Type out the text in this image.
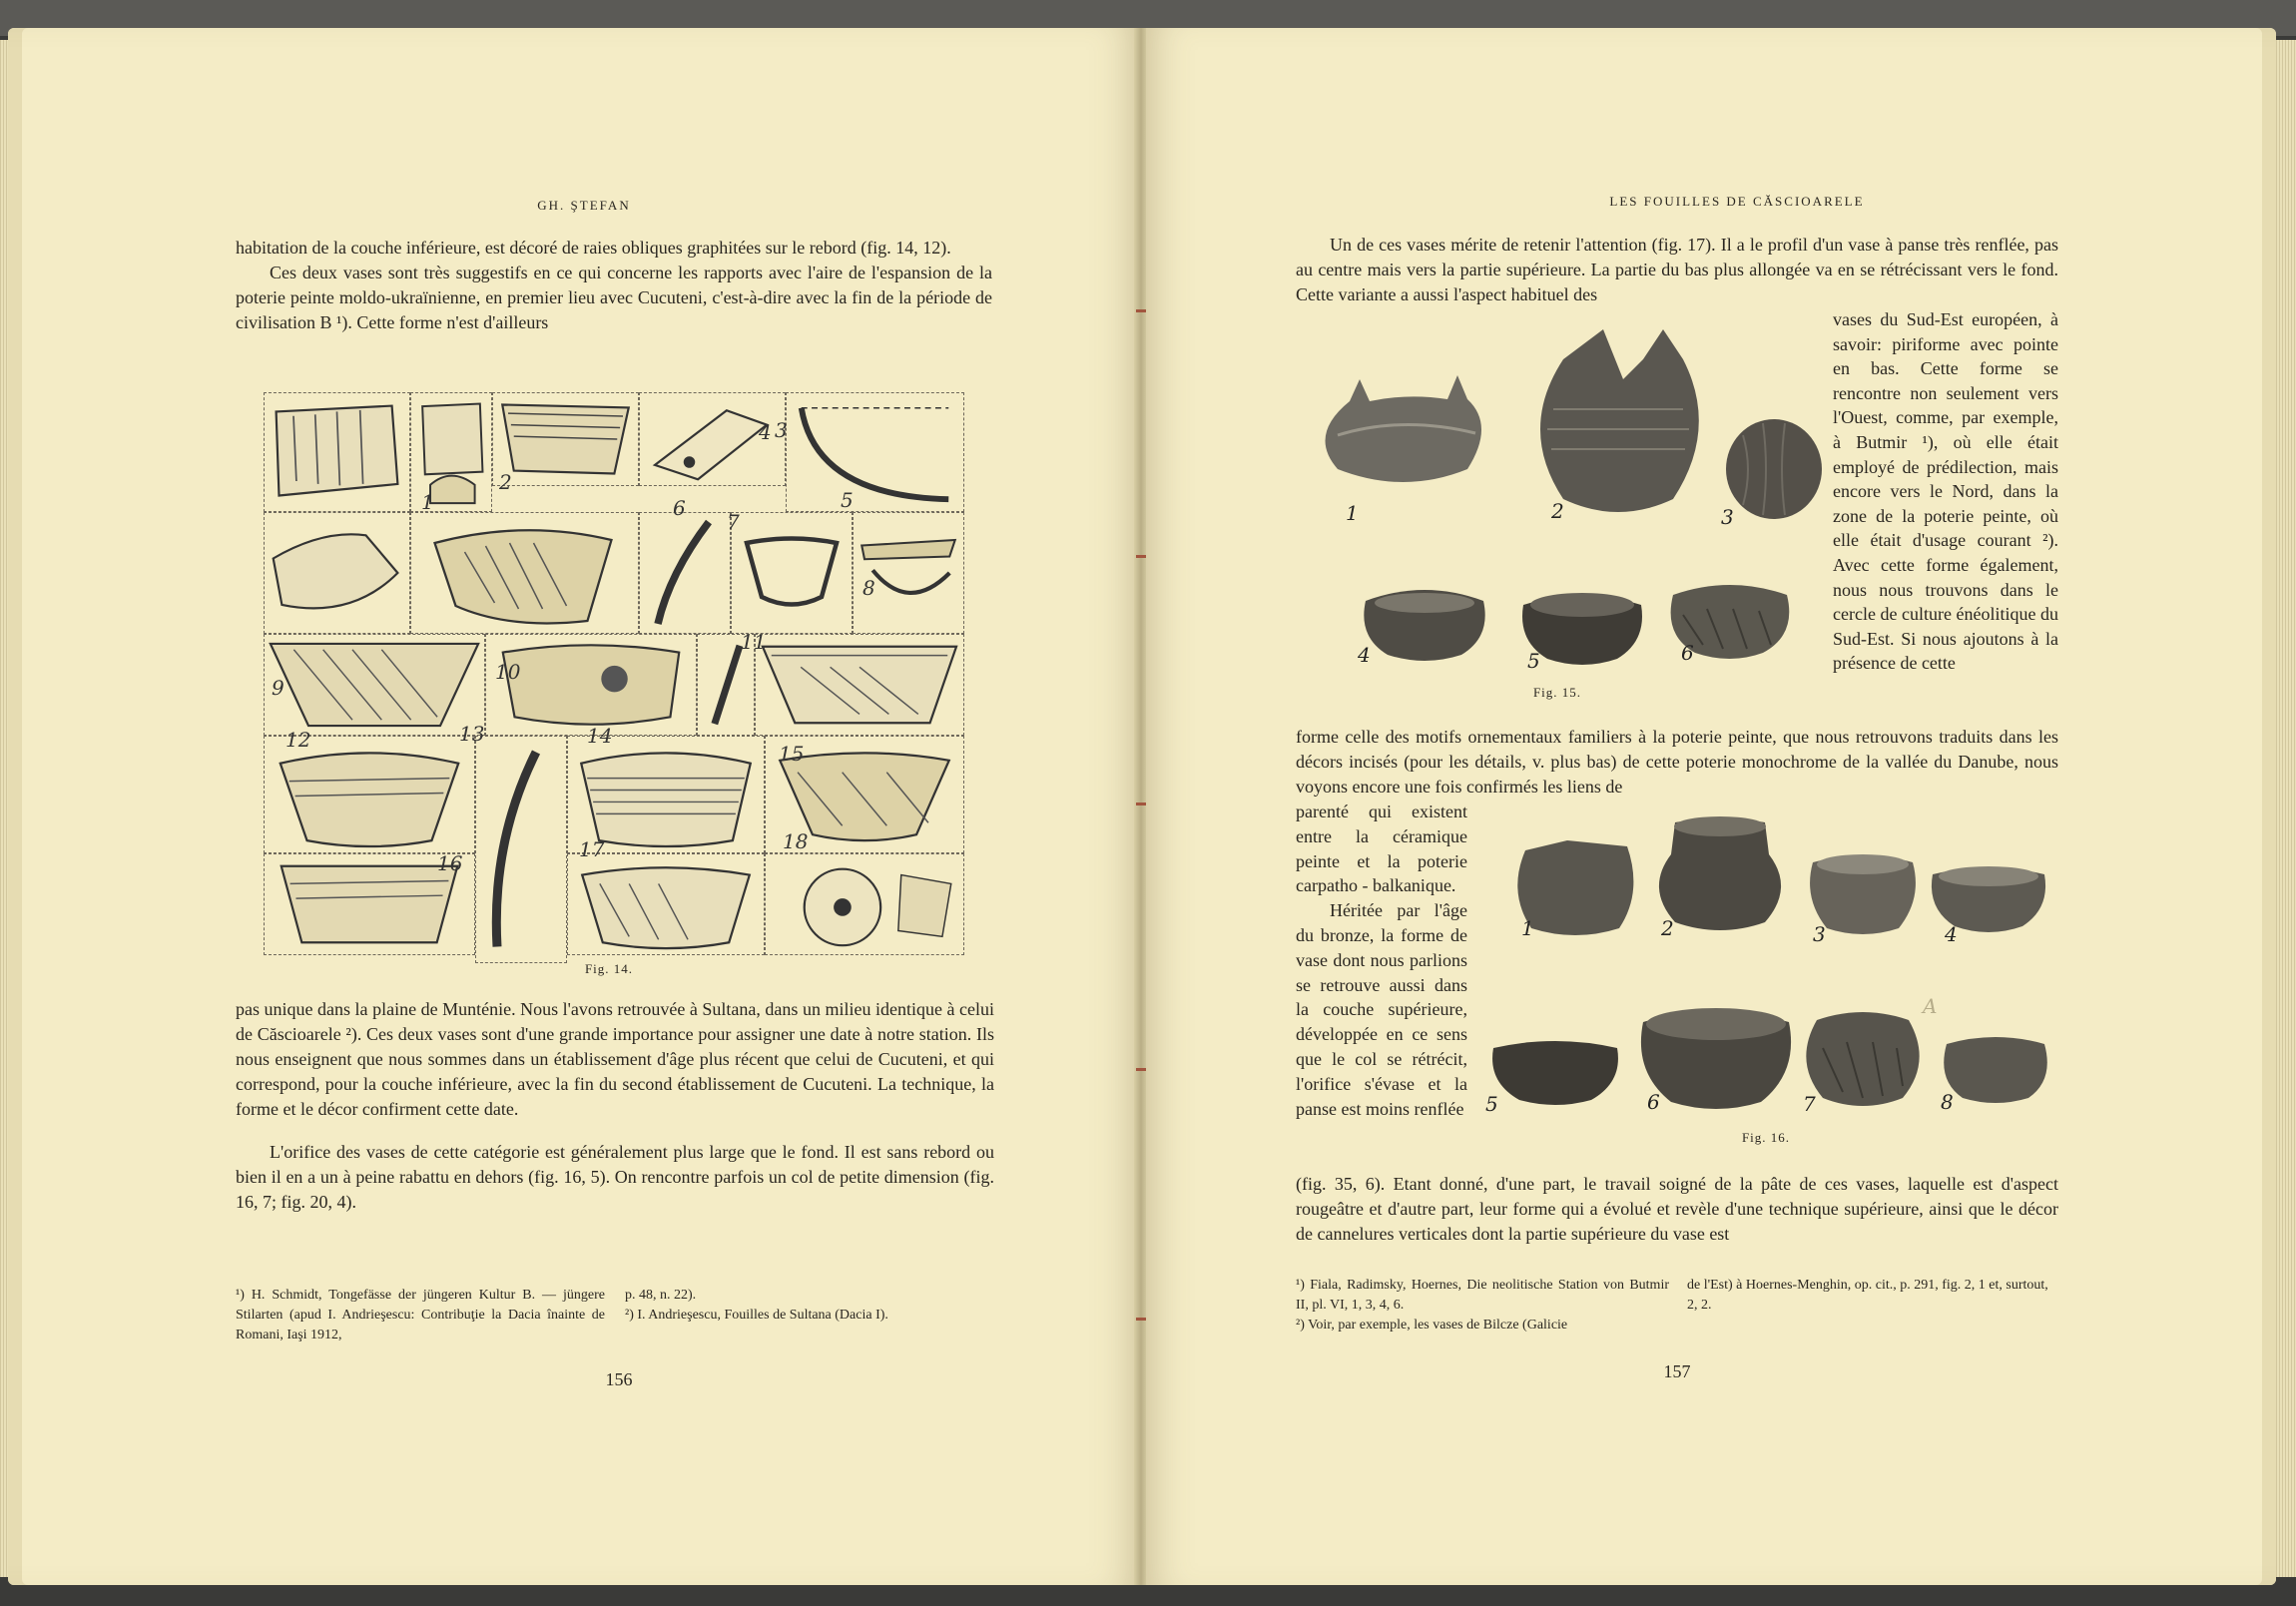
GH. ŞTEFAN

habitation de la couche inférieure, est décoré de raies obliques graphitées sur le rebord (fig. 14, 12).

Ces deux vases sont très suggestifs en ce qui concerne les rapports avec l'aire de l'espansion de la poterie peinte moldo-ukraïnienne, en premier lieu avec Cucuteni, c'est-à-dire avec la fin de la période de civilisation B ¹). Cette forme n'est d'ailleurs

1
2
3
4
5
6
7
8
9
10
11
12	13	14
15
16
17	18
Fig. 14.

pas unique dans la plaine de Munténie. Nous l'avons retrouvée à Sultana, dans un milieu identique à celui de Căscioarele ²). Ces deux vases sont d'une grande importance pour assigner une date à notre station. Ils nous enseignent que nous sommes dans un établissement d'âge plus récent que celui de Cucuteni, et qui correspond, pour la couche inférieure, avec la fin du second établissement de Cucuteni. La technique, la forme et le décor confirment cette date.

L'orifice des vases de cette catégorie est généralement plus large que le fond. Il est sans rebord ou bien il en a un à peine rabattu en dehors (fig. 16, 5). On rencontre parfois un col de petite dimension (fig. 16, 7; fig. 20, 4).

¹) H. Schmidt, Tongefässe der jüngeren Kultur B. — jüngere Stilarten (apud I. Andrieşescu: Contribuţie la Dacia înainte de Romani, Iaşi 1912,
p. 48, n. 22).
²) I. Andrieşescu, Fouilles de Sultana (Dacia I).
156
LES FOUILLES DE CĂSCIOARELE

Un de ces vases mérite de retenir l'attention (fig. 17). Il a le profil d'un vase à panse très renflée, pas au centre mais vers la partie supérieure. La partie du bas plus allongée va en se rétrécissant vers le fond. Cette variante a aussi l'aspect habituel des

vases du Sud-Est européen, à savoir: piriforme avec pointe en bas. Cette forme se rencontre non seulement vers l'Ouest, comme, par exemple, à Butmir ¹), où elle était employé de prédilection, mais encore vers le Nord, dans la zone de la poterie peinte, où elle était d'usage courant ²). Avec cette forme également, nous nous trouvons dans le cercle de culture énéolitique du Sud-Est. Si nous ajoutons à la présence de cette

1	2	3
4	5	6
Fig. 15.

forme celle des motifs ornementaux familiers à la poterie peinte, que nous retrouvons traduits dans les décors incisés (pour les détails, v. plus bas) de cette poterie monochrome de la vallée du Danube, nous voyons encore une fois confirmés les liens de

parenté qui existent entre la céramique peinte et la poterie carpatho - balkanique.

Héritée par l'âge du bronze, la forme de vase dont nous parlions se retrouve aussi dans la couche supérieure, développée en ce sens que le col se rétrécit, l'orifice s'évase et la panse est moins renflée

1	2	3	4
5	6	7	8
A
Fig. 16.

(fig. 35, 6). Etant donné, d'une part, le travail soigné de la pâte de ces vases, laquelle est d'aspect rougeâtre et d'autre part, leur forme qui a évolué et revèle d'une technique supérieure, ainsi que le décor de cannelures verticales dont la partie supérieure du vase est

¹) Fiala, Radimsky, Hoernes, Die neolitische Station von Butmir II, pl. VI, 1, 3, 4, 6.
²) Voir, par exemple, les vases de Bilcze (Galicie
de l'Est) à Hoernes-Menghin, op. cit., p. 291, fig. 2, 1 et, surtout, 2, 2.
157
